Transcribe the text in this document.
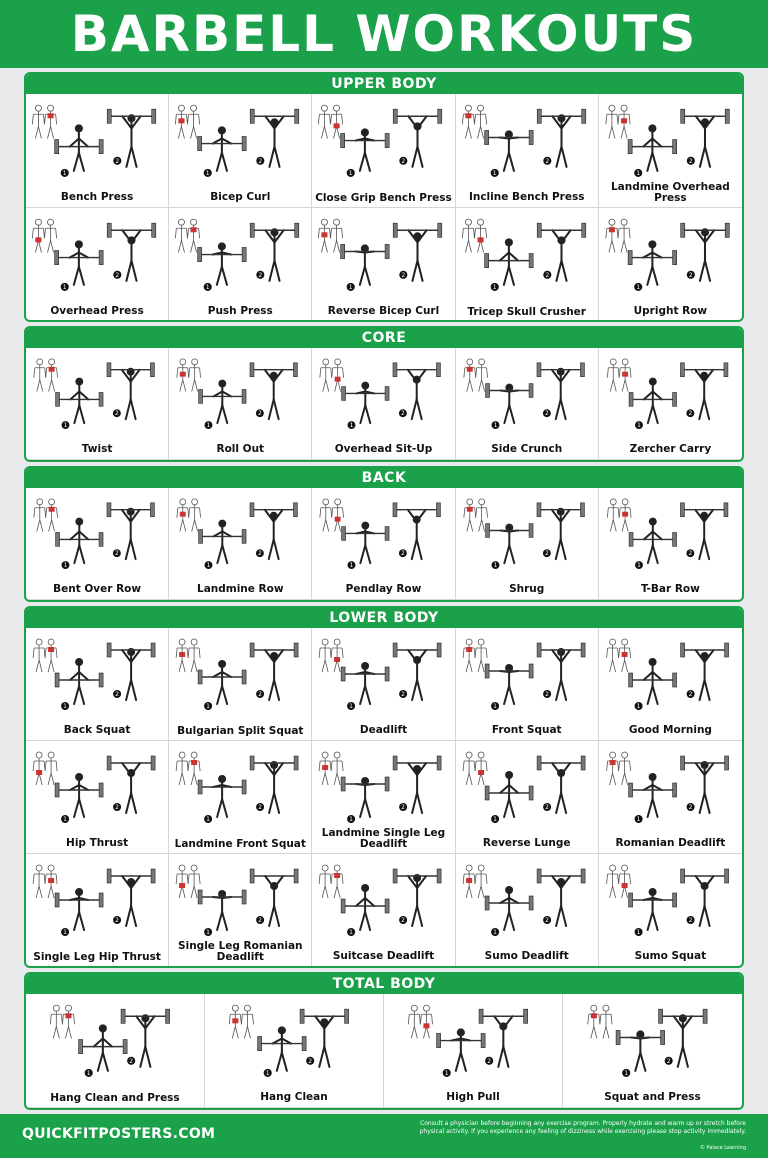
BARBELL WORKOUTS
UPPER BODY
1
2
Bench Press
1
2
Bicep Curl
1
2
Close Grip Bench Press
1
2
Incline Bench Press
1
2
Landmine Overhead Press
1
2
Overhead Press
1
2
Push Press
1
2
Reverse Bicep Curl
1
2
Tricep Skull Crusher
1
2
Upright Row
CORE
1
2
Twist
1
2
Roll Out
1
2
Overhead Sit-Up
1
2
Side Crunch
1
2
Zercher Carry
BACK
1
2
Bent Over Row
1
2
Landmine Row
1
2
Pendlay Row
1
2
Shrug
1
2
T-Bar Row
LOWER BODY
1
2
Back Squat
1
2
Bulgarian Split Squat
1
2
Deadlift
1
2
Front Squat
1
2
Good Morning
1
2
Hip Thrust
1
2
Landmine Front Squat
1
2
Landmine Single Leg Deadlift
1
2
Reverse Lunge
1
2
Romanian Deadlift
1
2
Single Leg Hip Thrust
1
2
Single Leg Romanian Deadlift
1
2
Suitcase Deadlift
1
2
Sumo Deadlift
1
2
Sumo Squat
TOTAL BODY
1
2
Hang Clean and Press
1
2
Hang Clean
1
2
High Pull
1
2
Squat and Press
QUICKFITPOSTERS.COM
Consult a physician before beginning any exercise program. Properly hydrate and warm up or stretch before physical activity. If you experience any feeling of dizziness while exercising please stop activity immediately.
© Palace Learning
